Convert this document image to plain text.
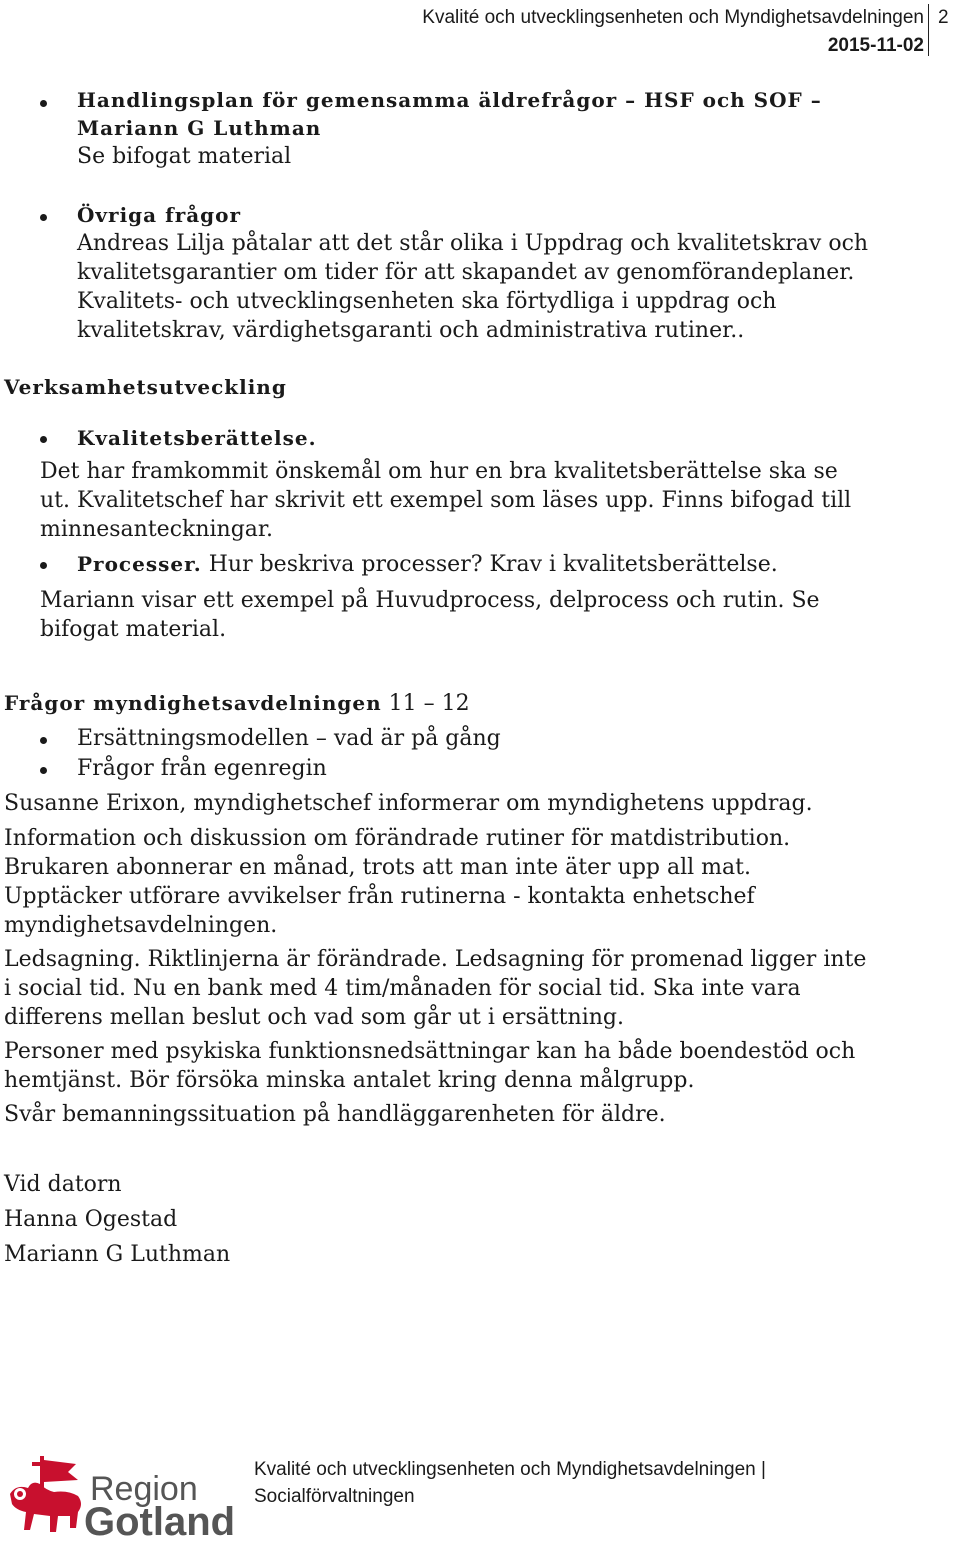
Kvalité och utvecklingsenheten och Myndighetsavdelningen
2015-11-02
2
Handlingsplan för gemensamma äldrefrågor – HSF och SOF –
Mariann G Luthman
Se bifogat material
Övriga frågor
Andreas Lilja påtalar att det står olika i Uppdrag och kvalitetskrav och
kvalitetsgarantier om tider för att skapandet av genomförandeplaner.
Kvalitets- och utvecklingsenheten ska förtydliga i uppdrag och
kvalitetskrav, värdighetsgaranti och administrativa rutiner..
Verksamhetsutveckling
Kvalitetsberättelse.
Det har framkommit önskemål om hur en bra kvalitetsberättelse ska se
ut. Kvalitetschef har skrivit ett exempel som läses upp. Finns bifogad till
minnesanteckningar.
Processer. Hur beskriva processer? Krav i kvalitetsberättelse.
Mariann visar ett exempel på Huvudprocess, delprocess och rutin. Se
bifogat material.
Frågor myndighetsavdelningen 11 – 12
Ersättningsmodellen – vad är på gång
Frågor från egenregin
Susanne Erixon, myndighetschef informerar om myndighetens uppdrag.
Information och diskussion om förändrade rutiner för matdistribution.
Brukaren abonnerar en månad, trots att man inte äter upp all mat.
Upptäcker utförare avvikelser från rutinerna - kontakta enhetschef
myndighetsavdelningen.
Ledsagning. Riktlinjerna är förändrade. Ledsagning för promenad ligger inte
i social tid. Nu en bank med 4 tim/månaden för social tid. Ska inte vara
differens mellan beslut och vad som går ut i ersättning.
Personer med psykiska funktionsnedsättningar kan ha både boendestöd och
hemtjänst. Bör försöka minska antalet kring denna målgrupp.
Svår bemanningssituation på handläggarenheten för äldre.
Vid datorn
Hanna Ogestad
Mariann G Luthman
Region
Gotland
Kvalité och utvecklingsenheten och Myndighetsavdelningen |
Socialförvaltningen
